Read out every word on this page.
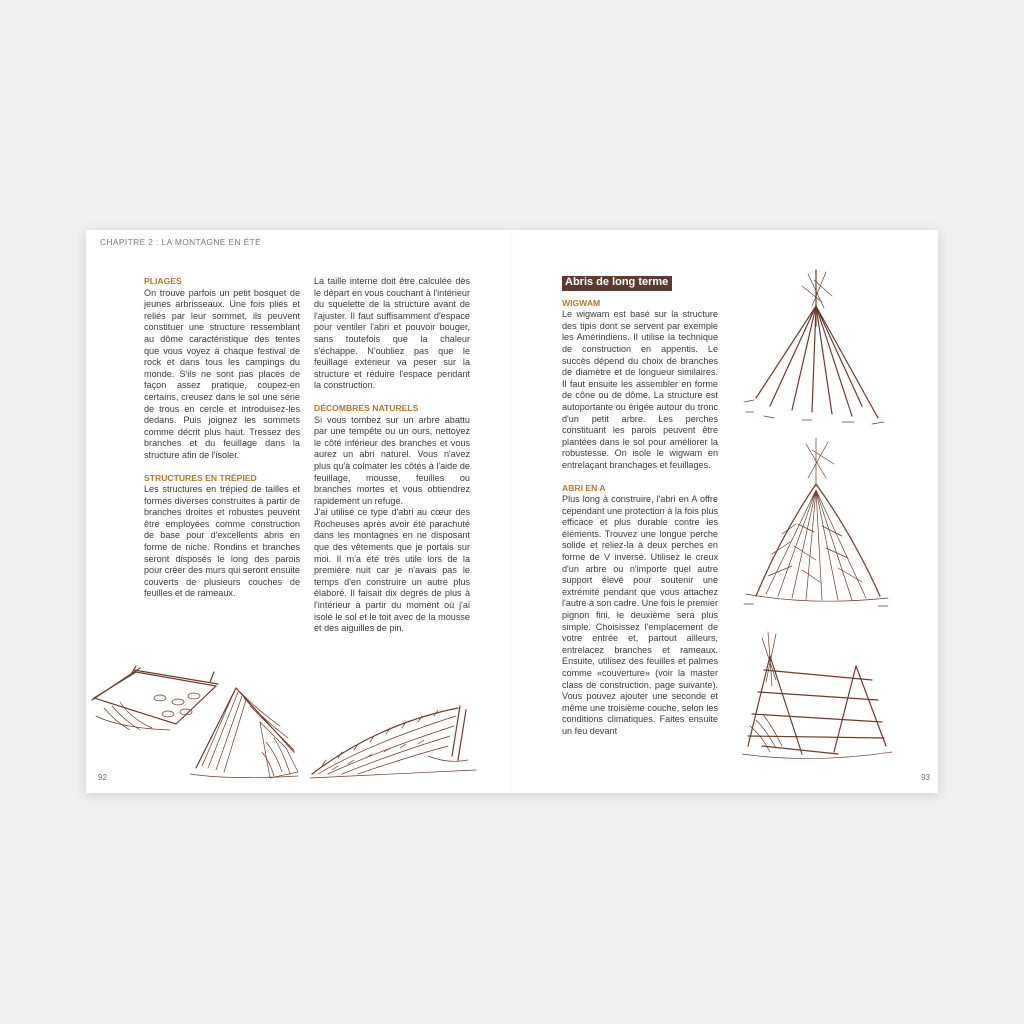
CHAPITRE 2 : LA MONTAGNE EN ÉTÉ
PLIAGES

On trouve parfois un petit bosquet de jeunes arbrisseaux. Une fois pliés et reliés par leur sommet, ils peuvent constituer une structure ressemblant au dôme caractéristique des tentes que vous voyez à chaque festival de rock et dans tous les campings du monde. S'ils ne sont pas placés de façon assez pratique, coupez-en certains, creusez dans le sol une série de trous en cercle et introduisez-les dedans. Puis joignez les sommets comme décrit plus haut. Tressez des branches et du feuillage dans la structure afin de l'isoler.

STRUCTURES EN TRÉPIED

Les structures en trépied de tailles et formes diverses construites à partir de branches droites et robustes peuvent être employées comme construction de base pour d'excellents abris en forme de niche. Rondins et branches seront disposés le long des parois pour créer des murs qui seront ensuite couverts de plusieurs couches de feuilles et de rameaux.

La taille interne doit être calculée dès le départ en vous couchant à l'intérieur du squelette de la structure avant de l'ajuster. Il faut suffisamment d'espace pour ventiler l'abri et pouvoir bouger, sans toutefois que la chaleur s'échappe. N'oubliez pas que le feuillage extérieur va peser sur la structure et réduire l'espace pendant la construction.

DÉCOMBRES NATURELS

Si vous tombez sur un arbre abattu par une tempête ou un ours, nettoyez le côté inférieur des branches et vous aurez un abri naturel. Vous n'avez plus qu'à colmater les côtés à l'aide de feuillage, mousse, feuilles ou branches mortes et vous obtiendrez rapidement un refuge.

J'ai utilisé ce type d'abri au cœur des Rocheuses après avoir été parachuté dans les montagnes en ne disposant que des vêtements que je portais sur moi. Il m'a été très utile lors de la première nuit car je n'avais pas le temps d'en construire un autre plus élaboré. Il faisait dix degrés de plus à l'intérieur à partir du moment où j'ai isolé le sol et le toit avec de la mousse et des aiguilles de pin.

Abris de long terme
WIGWAM

Le wigwam est basé sur la structure des tipis dont se servent par exemple les Amérindiens. Il utilise la technique de construction en appentis. Le succès dépend du choix de branches de diamètre et de longueur similaires. Il faut ensuite les assembler en forme de cône ou de dôme. La structure est autoportante ou érigée autour du tronc d'un petit arbre. Les perches constituant les parois peuvent être plantées dans le sol pour améliorer la robustesse. On isole le wigwam en entrelaçant branchages et feuillages.

ABRI EN A

Plus long à construire, l'abri en A offre cependant une protection à la fois plus efficace et plus durable contre les éléments. Trouvez une longue perche solide et reliez-la à deux perches en forme de V inversé. Utilisez le creux d'un arbre ou n'importe quel autre support élevé pour soutenir une extrémité pendant que vous attachez l'autre à son cadre. Une fois le premier pignon fini, le deuxième sera plus simple. Choisissez l'emplacement de votre entrée et, partout ailleurs, entrelacez branches et rameaux. Ensuite, utilisez des feuilles et palmes comme «couverture» (voir la master class de construction, page suivante). Vous pouvez ajouter une seconde et même une troisième couche, selon les conditions climatiques. Faites ensuite un feu devant

92	93
